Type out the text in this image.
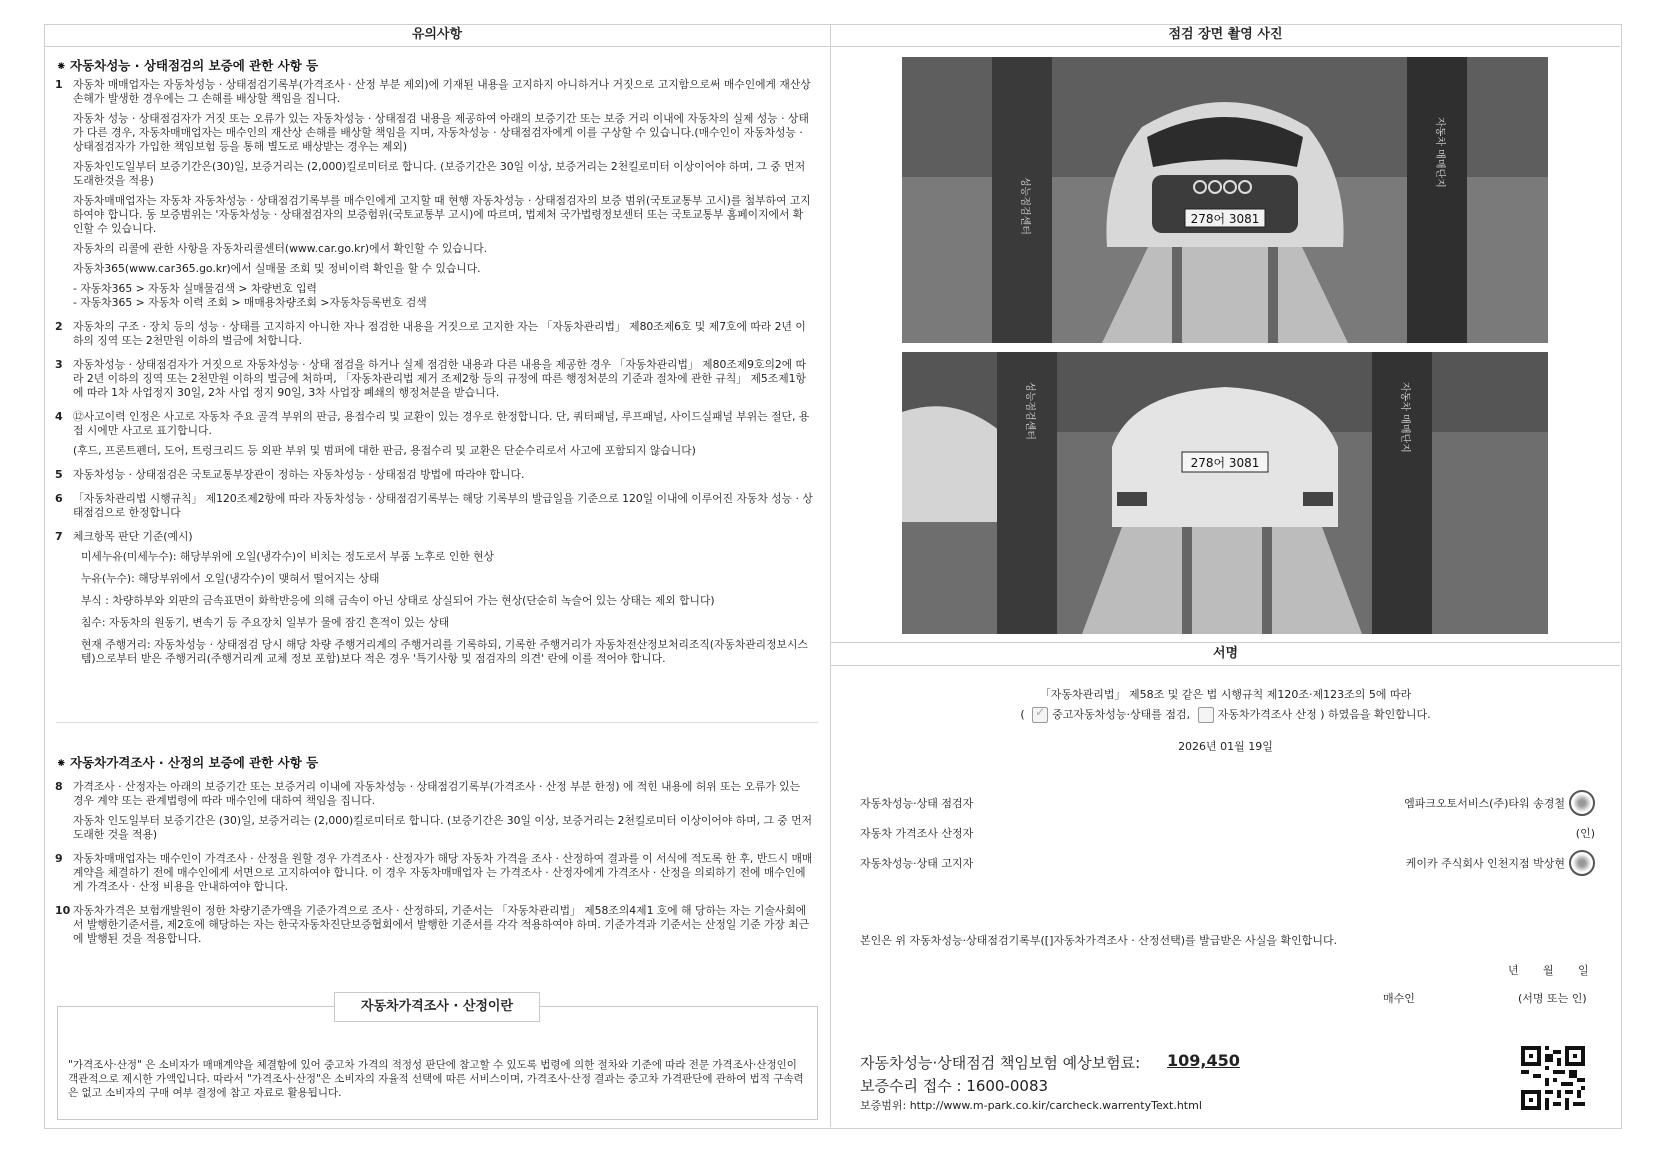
유의사항	점검 장면 촬영 사진
⁕ 자동차성능 · 상태점검의 보증에 관한 사항 등
1 자동차 매매업자는 자동차성능 · 상태점검기록부(가격조사 · 산정 부분 제외)에 기재된 내용을 고지하지 아니하거나 거짓으로 고지함으로써 매수인에게 재산상 손해가 발생한 경우에는 그 손해를 배상할 책임을 집니다.
자동차 성능 · 상태점검자가 거짓 또는 오류가 있는 자동차성능 · 상태점검 내용을 제공하여 아래의 보증기간 또는 보증 거리 이내에 자동차의 실제 성능 · 상태가 다른 경우, 자동차매매업자는 매수인의 재산상 손해를 배상할 책임을 지며, 자동차성능 · 상태점검자에게 이를 구상할 수 있습니다.(매수인이 자동차성능 · 상태점검자가 가입한 책임보험 등을 통해 별도로 배상받는 경우는 제외)
자동차인도일부터 보증기간은(30)일, 보증거리는 (2,000)킬로미터로 합니다. (보증기간은 30일 이상, 보증거리는 2천킬로미터 이상이어야 하며, 그 중 먼저 도래한것을 적용)
자동차매매업자는 자동차 자동차성능 · 상태점검기록부를 매수인에게 고지할 때 현행 자동차성능 · 상태점검자의 보증 범위(국토교통부 고시)를 첨부하여 고지하여야 합니다. 동 보증범위는 '자동차성능 · 상태점검자의 보증험위(국토교통부 고시)에 따르며, 법제처 국가법령정보센터 또는 국토교통부 홈페이지에서 확인할 수 있습니다.
자동차의 리콜에 관한 사항을 자동차리콜센터(www.car.go.kr)에서 확인할 수 있습니다.
자동차365(www.car365.go.kr)에서 실매물 조회 및 정비이력 확인을 할 수 있습니다.
- 자동차365 > 자동차 실매물검색 > 차량번호 입력
- 자동차365 > 자동차 이력 조회 > 매매용차량조회 >자동차등록번호 검색
2 자동차의 구조 · 장치 등의 성능 · 상태를 고지하지 아니한 자나 점검한 내용을 거짓으로 고지한 자는 「자동차관리법」 제80조제6호 및 제7호에 따라 2년 이하의 징역 또는 2천만원 이하의 벌금에 처합니다.
3 자동차성능 · 상태점검자가 거짓으로 자동차성능 · 상태 점검을 하거나 실제 점검한 내용과 다른 내용을 제공한 경우 「자동차관리법」 제80조제9호의2에 따라 2년 이하의 징역 또는 2천만원 이하의 벌금에 처하며, 「자동차관리법 제거 조제2항 등의 규정에 따른 행정처분의 기준과 절차에 관한 규칙」 제5조제1항에 따라 1차 사업정지 30일, 2차 사업 정지 90일, 3차 사업장 폐쇄의 행정처분을 받습니다.
4 ⑫사고이력 인정은 사고로 자동차 주요 골격 부위의 판금, 용접수리 및 교환이 있는 경우로 한정합니다. 단, 쿼터패널, 루프패널, 사이드실패널 부위는 절단, 용접 시에만 사고로 표기합니다.
(후드, 프론트펜더, 도어, 트렁크리드 등 외판 부위 및 범퍼에 대한 판금, 용접수리 및 교환은 단순수리로서 사고에 포함되지 않습니다)
5 자동차성능 · 상태점검은 국토교통부장관이 정하는 자동차성능 · 상태점검 방법에 따라야 합니다.
6 「자동차관리법 시행규칙」 제120조제2항에 따라 자동차성능 · 상태점검기록부는 해당 기록부의 발급일을 기준으로 120일 이내에 이루어진 자동차 성능 · 상태점검으로 한정합니다
7 체크항목 판단 기준(예시)
미세누유(미세누수): 해당부위에 오일(냉각수)이 비치는 정도로서 부품 노후로 인한 현상
누유(누수): 해당부위에서 오일(냉각수)이 맺혀서 떨어지는 상태
부식 : 차량하부와 외판의 금속표면이 화학반응에 의해 금속이 아닌 상태로 상실되어 가는 현상(단순히 녹슬어 있는 상태는 제외 합니다)
침수: 자동차의 원동기, 변속기 등 주요장치 일부가 물에 잠긴 흔적이 있는 상태
현재 주행거리: 자동차성능 · 상태점검 당시 해당 차량 주행거리계의 주행거리를 기록하되, 기록한 주행거리가 자동차전산정보처리조직(자동차관리정보시스템)으로부터 받은 주행거리(주행거리계 교체 정보 포함)보다 적은 경우 '특기사항 및 점검자의 의견' 란에 이를 적어야 합니다.
⁕ 자동차가격조사 · 산정의 보증에 관한 사항 등
8 가격조사 · 산정자는 아래의 보증기간 또는 보증거리 이내에 자동차성능 · 상태점검기록부(가격조사 · 산정 부분 한정) 에 적힌 내용에 허위 또는 오류가 있는 경우 계약 또는 관계법령에 따라 매수인에 대하여 책임을 집니다.
자동차 인도일부터 보증기간은 (30)일, 보증거리는 (2,000)킬로미터로 합니다. (보증기간은 30일 이상, 보증거리는 2천킬로미터 이상이어야 하며, 그 중 먼저 도래한 것을 적용)
9 자동차매매업자는 매수인이 가격조사 · 산정을 원할 경우 가격조사 · 산정자가 해당 자동차 가격을 조사 · 산정하여 결과를 이 서식에 적도록 한 후, 반드시 매매계약을 체결하기 전에 매수인에게 서면으로 고지하여야 합니다. 이 경우 자동차매매업자 는 가격조사 · 산정자에게 가격조사 · 산정을 의뢰하기 전에 매수인에게 가격조사 · 산정 비용을 안내하여야 합니다.
10 자동차가격은 보험개발원이 정한 차량기준가액을 기준가격으로 조사 · 산정하되, 기준서는 「자동차관리법」 제58조의4제1 호에 해 당하는 자는 기술사회에서 발행한기준서를, 제2호에 해당하는 자는 한국자동차진단보증협회에서 발행한 기준서를 각각 적용하여야 하며. 기준가격과 기준서는 산정일 기준 가장 최근에 발행된 것을 적용합니다.
자동차가격조사 · 산정이란
"가격조사·산정" 은 소비자가 매매계약을 체결함에 있어 중고차 가격의 적정성 판단에 참고할 수 있도록 법령에 의한 절차와 기준에 따라 전문 가격조사·산정인이 객관적으로 제시한 가액입니다. 따라서 "가격조사·산정"은 소비자의 자율적 선택에 따른 서비스이며, 가격조사·산정 결과는 중고차 가격판단에 관하여 법적 구속력은 없고 소비자의 구매 여부 결정에 참고 자료로 활용됩니다.
278어 3081
성능점검센터
자동차 매매단지
278어 3081
성능점검센터	자동차 매매단지
서명
「자동차관리법」 제58조 및 같은 법 시행규칙 제120조·제123조의 5에 따라
( ✓	중고자동차성능·상태를 점검,	자동차가격조사 산정 ) 하였음을 확인합니다.
2026년 01월 19일
자동차성능·상태 점검자	엠파크오토서비스(주)타워 송경철
자동차 가격조사 산정자	(인)
자동차성능·상태 고지자	케이카 주식회사 인천지점 박상현
본인은 위 자동차성능·상태점검기록부([]자동차가격조사 · 산정선택)를 발급받은 사실을 확인합니다.
년 월 일
매수인	(서명 또는 인)
자동차성능·상태점검 책임보험 예상보험료: 109,450
보증수리 접수 : 1600-0083
보증범위: http://www.m-park.co.kir/carcheck.warrentyText.html
